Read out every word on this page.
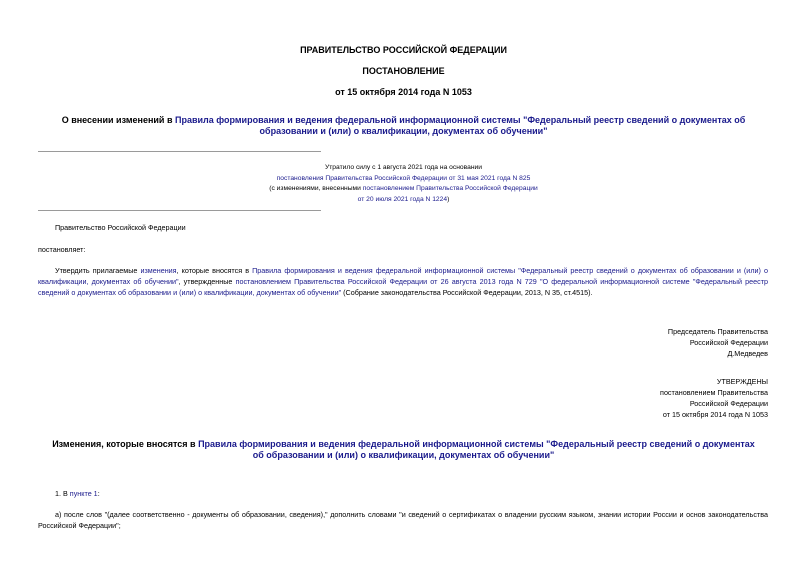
ПРАВИТЕЛЬСТВО РОССИЙСКОЙ ФЕДЕРАЦИИ
ПОСТАНОВЛЕНИЕ
от 15 октября 2014 года N 1053
О внесении изменений в Правила формирования и ведения федеральной информационной системы "Федеральный реестр сведений о документах об образовании и (или) о квалификации, документах об обучении"
Утратило силу с 1 августа 2021 года на основании
постановления Правительства Российской Федерации от 31 мая 2021 года N 825
(с изменениями, внесенными постановлением Правительства Российской Федерации
от 20 июля 2021 года N 1224)
Правительство Российской Федерации
постановляет:
Утвердить прилагаемые изменения, которые вносятся в Правила формирования и ведения федеральной информационной системы "Федеральный реестр сведений о документах об образовании и (или) о квалификации, документах об обучении", утвержденные постановлением Правительства Российской Федерации от 26 августа 2013 года N 729 "О федеральной информационной системе "Федеральный реестр сведений о документах об образовании и (или) о квалификации, документах об обучении" (Собрание законодательства Российской Федерации, 2013, N 35, ст.4515).
Председатель Правительства
Российской Федерации
Д.Медведев
УТВЕРЖДЕНЫ
постановлением Правительства
Российской Федерации
от 15 октября 2014 года N 1053
Изменения, которые вносятся в Правила формирования и ведения федеральной информационной системы "Федеральный реестр сведений о документах об образовании и (или) о квалификации, документах об обучении"
1. В пункте 1:
а) после слов "(далее соответственно - документы об образовании, сведения)," дополнить словами "и сведений о сертификатах о владении русским языком, знании истории России и основ законодательства Российской Федерации";
